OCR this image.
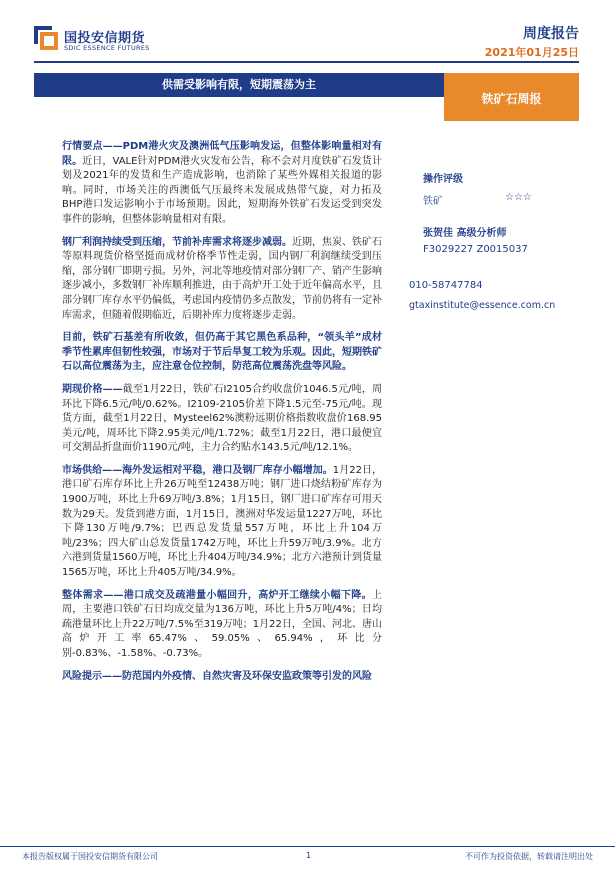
国投安信期货
SDIC ESSENCE FUTURES
周度报告
2021年01月25日
供需受影响有限，短期震荡为主
铁矿石周报

行情要点——PDM港火灾及澳洲低气压影响发运，但整体影响量相对有限。近日，VALE针对PDM港火灾发布公告，称不会对月度铁矿石发货计划及2021年的发货和生产造成影响，也消除了某些外媒相关报道的影响。同时，市场关注的西澳低气压最终未发展成热带气旋，对力拓及BHP港口发运影响小于市场预期。因此，短期海外铁矿石发运受到突发事件的影响，但整体影响量相对有限。

钢厂利润持续受到压缩，节前补库需求将逐步减弱。近期，焦炭、铁矿石等原料现货价格坚挺而成材价格季节性走弱，国内钢厂利润继续受到压缩，部分钢厂即期亏损。另外，河北等地疫情对部分钢厂产、销产生影响逐步减小，多数钢厂补库顺利推进，由于高炉开工处于近年偏高水平，且部分钢厂库存水平仍偏低，考虑国内疫情仍多点散发，节前仍将有一定补库需求，但随着假期临近，后期补库力度将逐步走弱。

目前，铁矿石基差有所收敛，但仍高于其它黑色系品种，“领头羊”成材季节性累库但韧性较强，市场对于节后旱复工较为乐观。因此，短期铁矿石以高位震荡为主，应注意仓位控制，防范高位震荡洗盘等风险。

期现价格——截至1月22日，铁矿石I2105合约收盘价1046.5元/吨，周环比下降6.5元/吨/0.62%。I2109-2105价差下降1.5元至-75元/吨。现货方面，截至1月22日，Mysteel62%澳粉远期价格指数收盘价168.95美元/吨，周环比下降2.95美元/吨/1.72%；截至1月22日，港口最便宜可交割品折盘面价1190元/吨，主力合约贴水143.5元/吨/12.1%。

市场供给——海外发运相对平稳，港口及钢厂库存小幅增加。1月22日，港口矿石库存环比上升26万吨至12438万吨；钢厂进口烧结粉矿库存为1900万吨，环比上升69万吨/3.8%；1月15日，钢厂进口矿库存可用天数为29天。发货到港方面，1月15日，澳洲对华发运量1227万吨，环比下降130万吨/9.7%；巴西总发货量557万吨，环比上升104万吨/23%；四大矿山总发货量1742万吨，环比上升59万吨/3.9%。北方六港到货量1560万吨，环比上升404万吨/34.9%；北方六港预计到货量1565万吨，环比上升405万吨/34.9%。

整体需求——港口成交及疏港量小幅回升，高炉开工继续小幅下降。上周，主要港口铁矿石日均成交量为136万吨，环比上升5万吨/4%；日均疏港量环比上升22万吨/7.5%至319万吨；1月22日，全国、河北、唐山高炉开工率65.47%、59.05%、65.94%，环比分别-0.83%、-1.58%、-0.73%。

风险提示——防范国内外疫情、自然灾害及环保安监政策等引发的风险

操作评级
铁矿	☆☆☆
张贺佳 高级分析师
F3029227 Z0015037
010-58747784
gtaxinstitute@essence.com.cn
本报告版权属于国投安信期货有限公司	1	不可作为投资依据，转载请注明出处
